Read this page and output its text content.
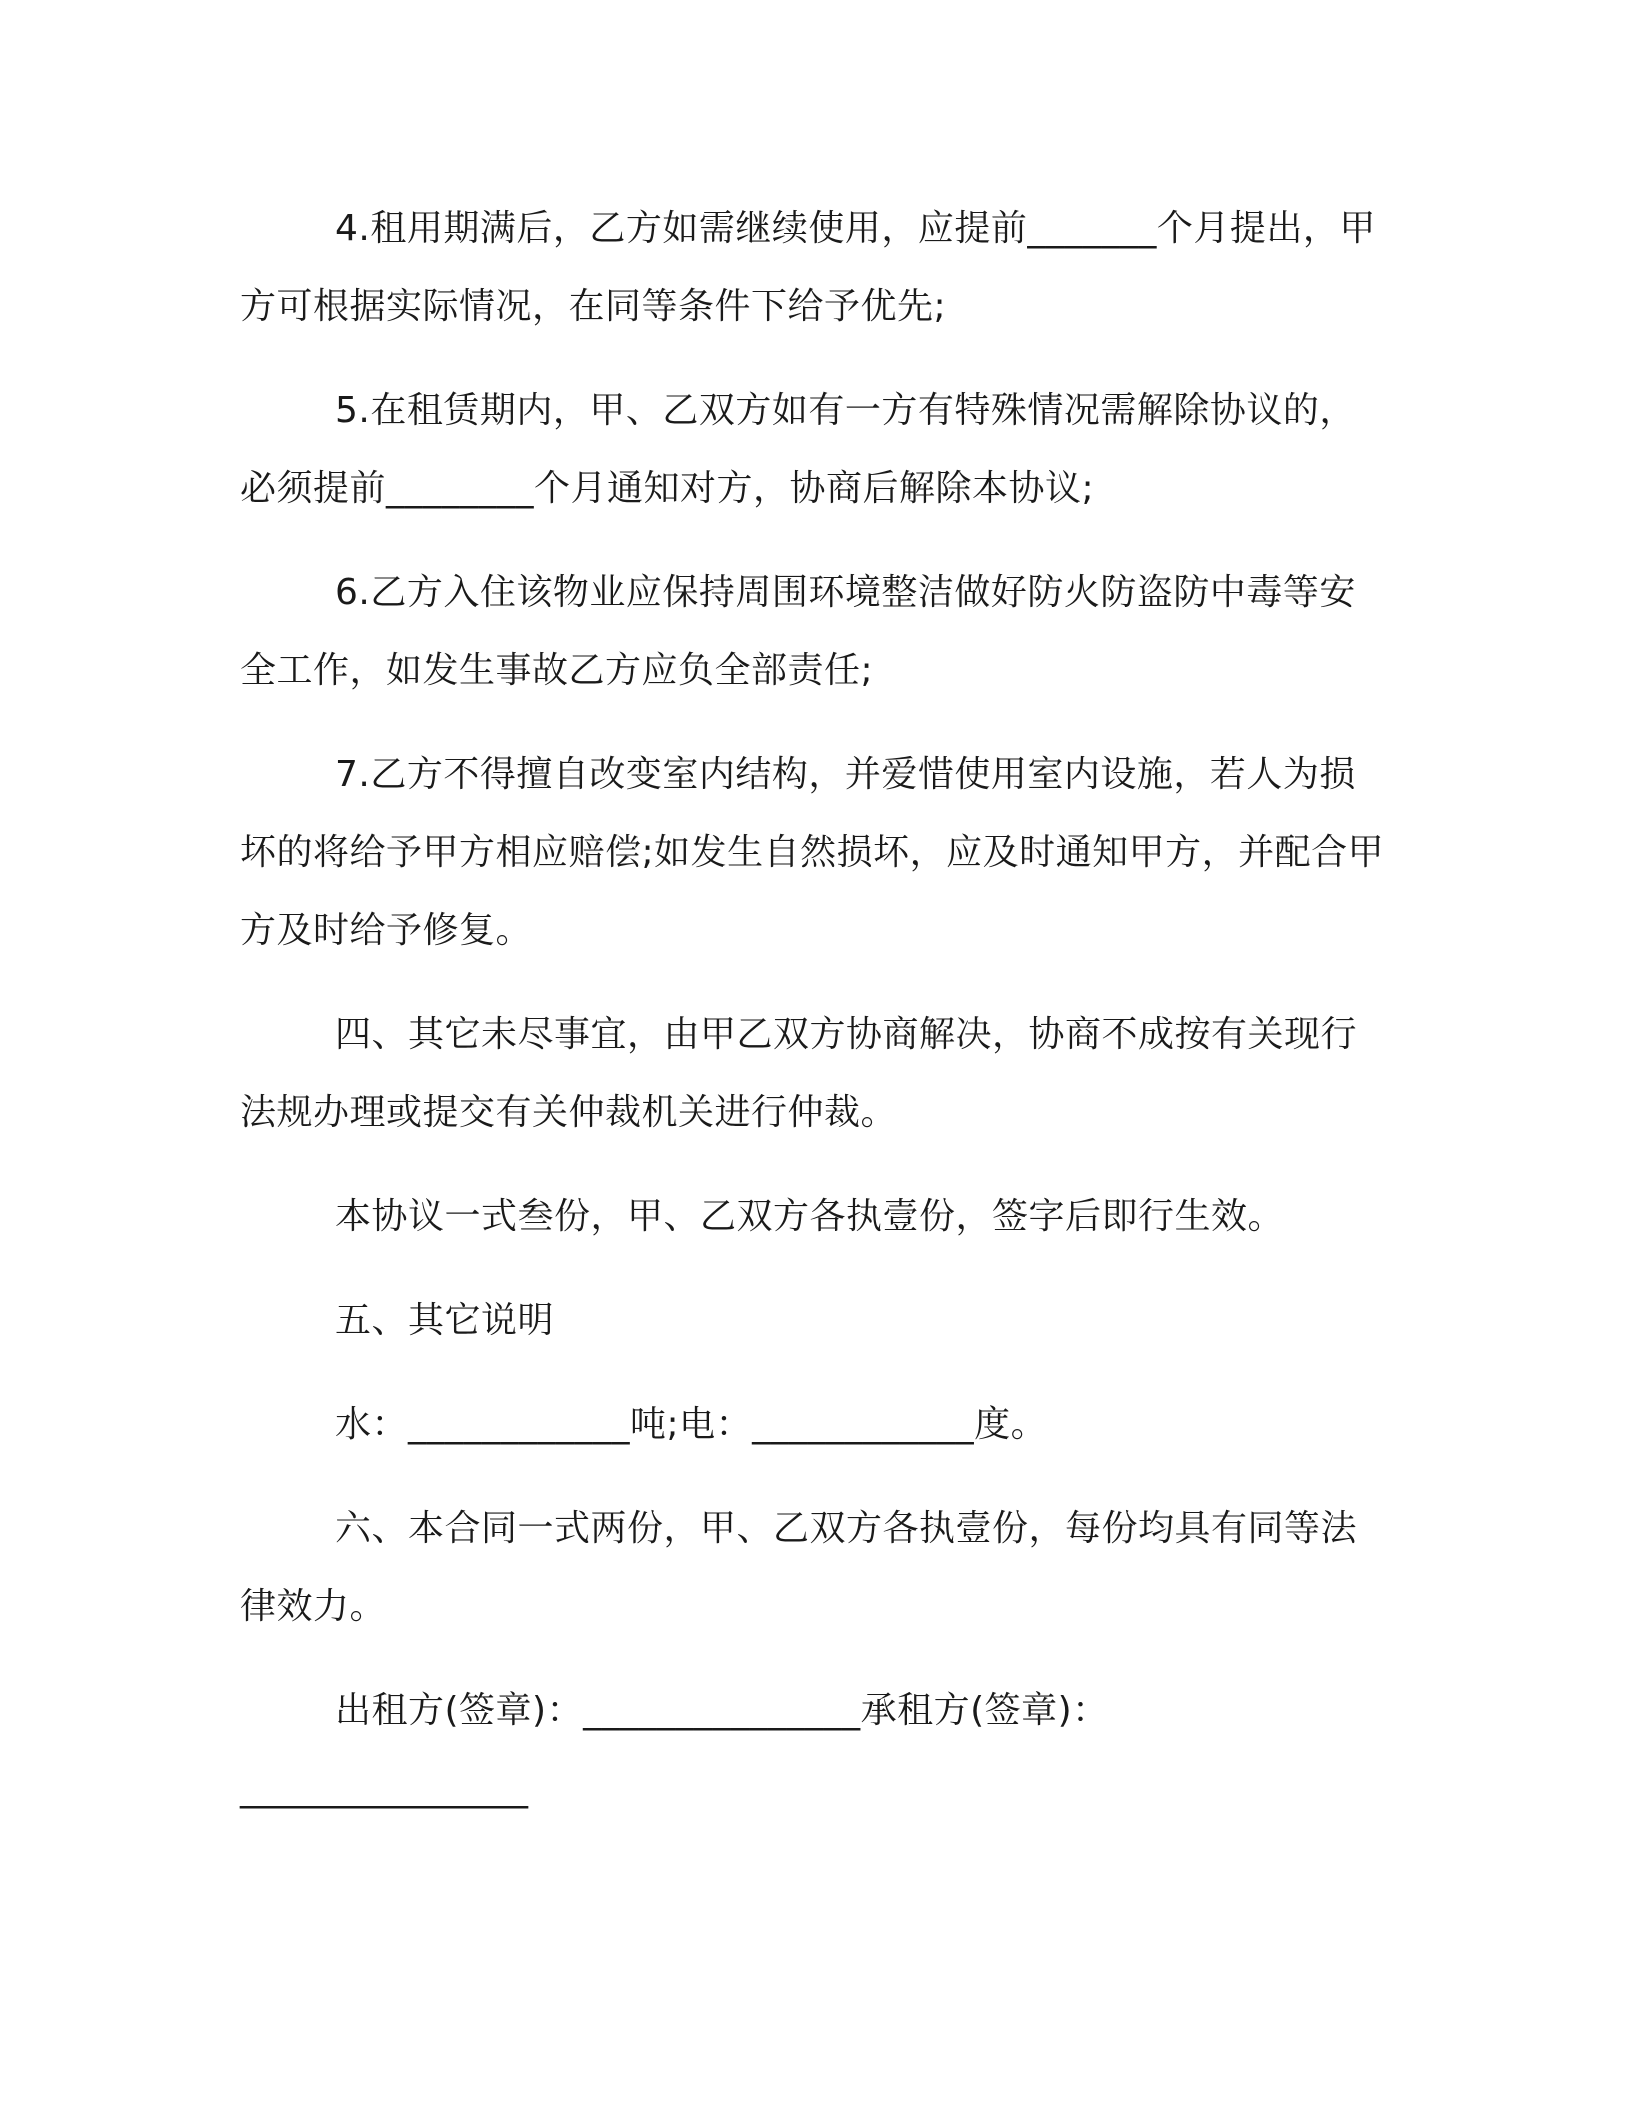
4.租用期满后，乙方如需继续使用，应提前_______个月提出，甲方可根据实际情况，在同等条件下给予优先;

5.在租赁期内，甲、乙双方如有一方有特殊情况需解除协议的，必须提前________个月通知对方，协商后解除本协议;

6.乙方入住该物业应保持周围环境整洁做好防火防盗防中毒等安全工作，如发生事故乙方应负全部责任;

7.乙方不得擅自改变室内结构，并爱惜使用室内设施，若人为损坏的将给予甲方相应赔偿;如发生自然损坏，应及时通知甲方，并配合甲方及时给予修复。

四、其它未尽事宜，由甲乙双方协商解决，协商不成按有关现行法规办理或提交有关仲裁机关进行仲裁。

本协议一式叁份，甲、乙双方各执壹份，签字后即行生效。

五、其它说明

水：____________吨;电：____________度。

六、本合同一式两份，甲、乙双方各执壹份，每份均具有同等法律效力。

出租方(签章)：_______________承租方(签章)：

________________
